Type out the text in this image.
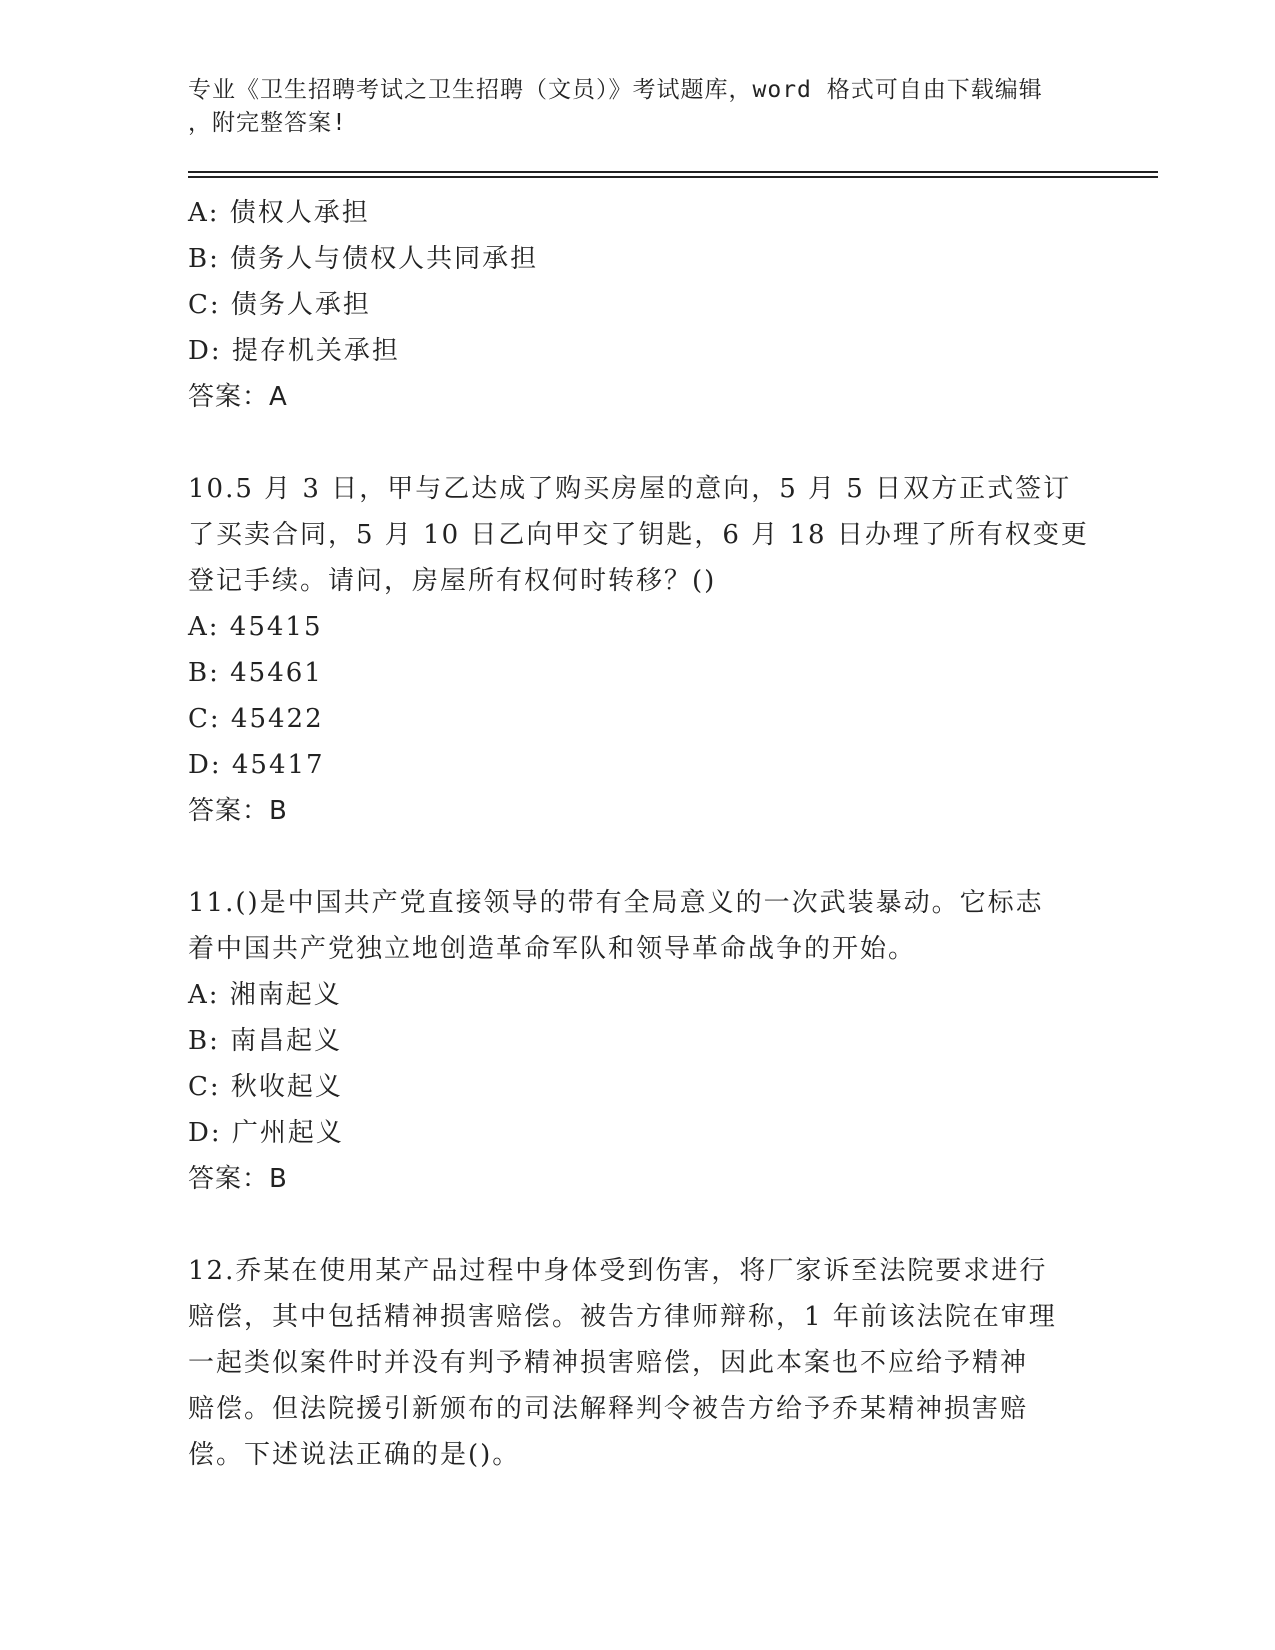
专业《卫生招聘考试之卫生招聘（文员）》考试题库，word 格式可自由下载编辑
，附完整答案!
A: 债权人承担
B: 债务人与债权人共同承担
C: 债务人承担
D: 提存机关承担
答案：A
10.5 月 3 日，甲与乙达成了购买房屋的意向，5 月 5 日双方正式签订
了买卖合同，5 月 10 日乙向甲交了钥匙，6 月 18 日办理了所有权变更
登记手续。请问，房屋所有权何时转移？()
A: 45415
B: 45461
C: 45422
D: 45417
答案：B
11.()是中国共产党直接领导的带有全局意义的一次武装暴动。它标志
着中国共产党独立地创造革命军队和领导革命战争的开始。
A: 湘南起义
B: 南昌起义
C: 秋收起义
D: 广州起义
答案：B
12.乔某在使用某产品过程中身体受到伤害，将厂家诉至法院要求进行
赔偿，其中包括精神损害赔偿。被告方律师辩称，1 年前该法院在审理
一起类似案件时并没有判予精神损害赔偿，因此本案也不应给予精神
赔偿。但法院援引新颁布的司法解释判令被告方给予乔某精神损害赔
偿。下述说法正确的是()。
